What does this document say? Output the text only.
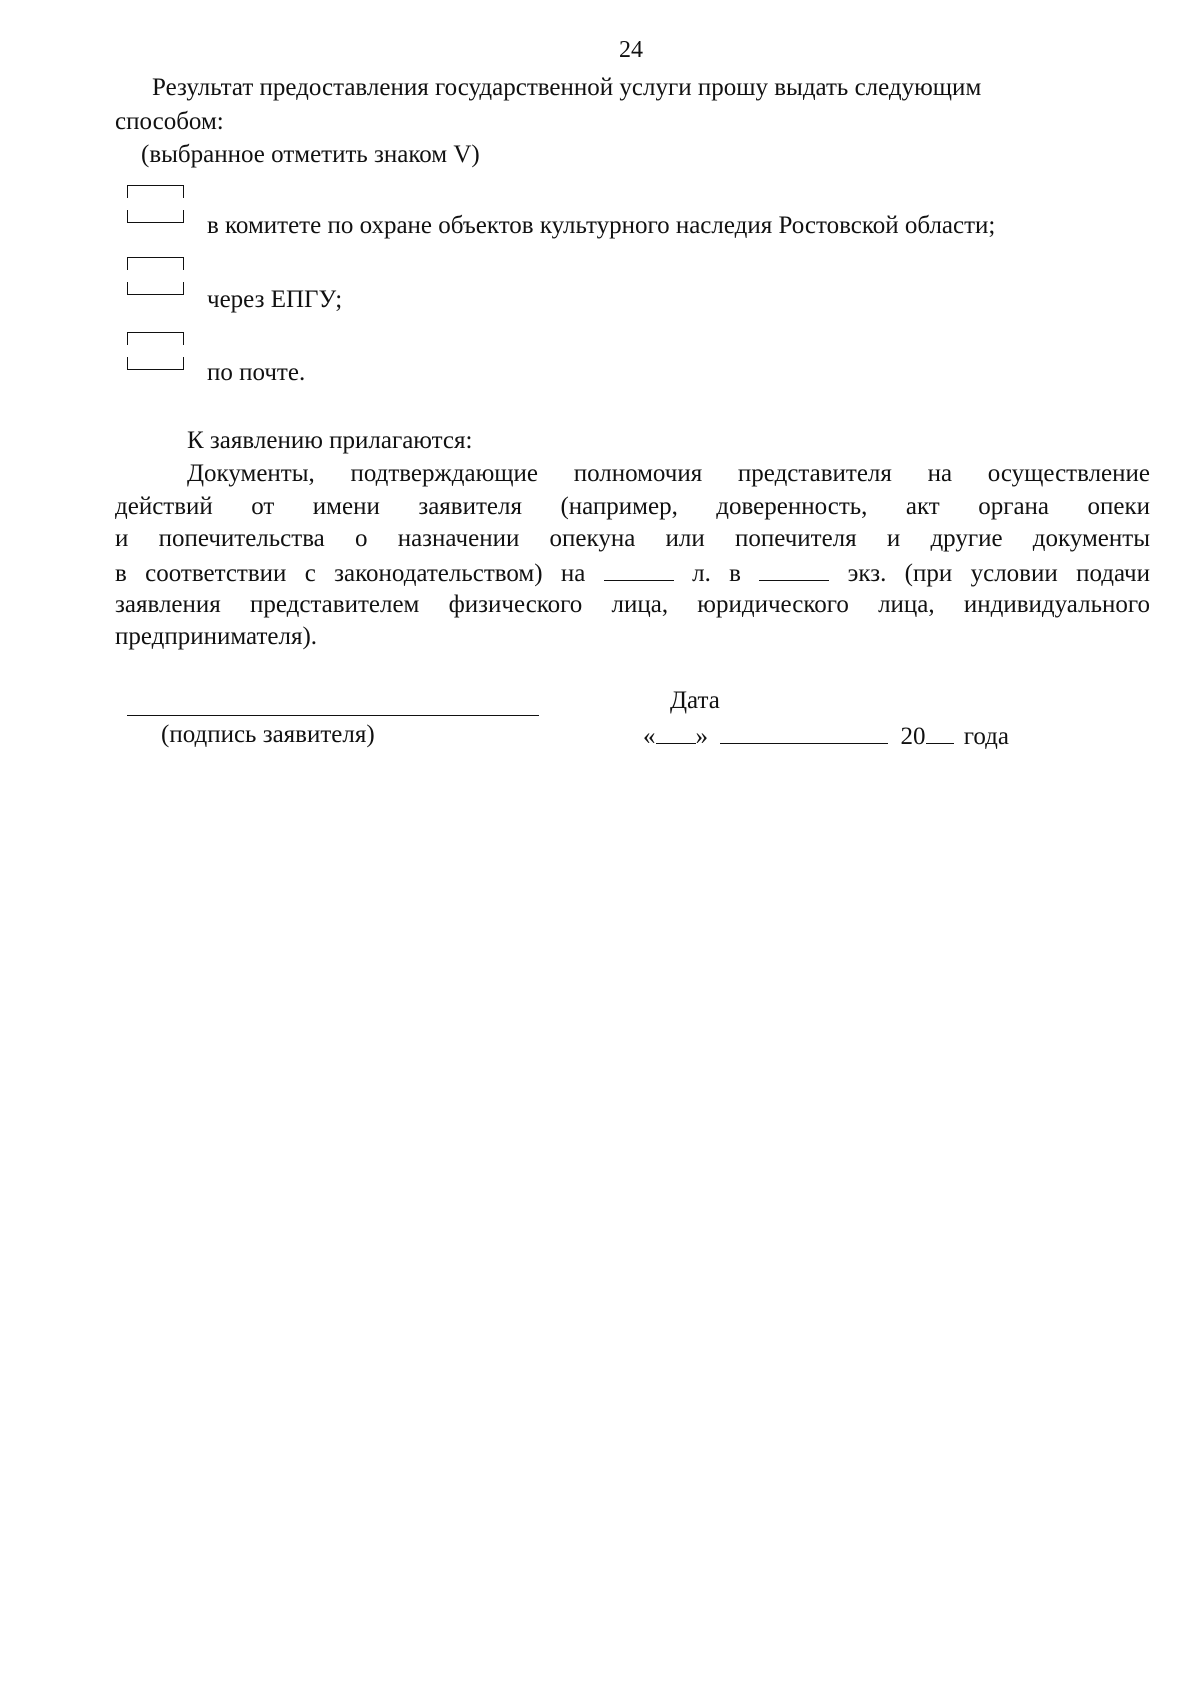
24
Результат предоставления государственной услуги прошу выдать следующим
способом:
(выбранное отметить знаком V)
в комитете по охране объектов культурного наследия Ростовской области;
через ЕПГУ;
по почте.
К заявлению прилагаются:
Документы, подтверждающие полномочия представителя на осуществление
действий от имени заявителя (например, доверенность, акт органа опеки
и попечительства о назначении опекуна или попечителя и другие документы
в соответствии с законодательством) на	л. в	экз. (при условии подачи
заявления представителем физического лица, юридического лица, индивидуального
предпринимателя).
(подпись заявителя)
Дата
« »	20 года
